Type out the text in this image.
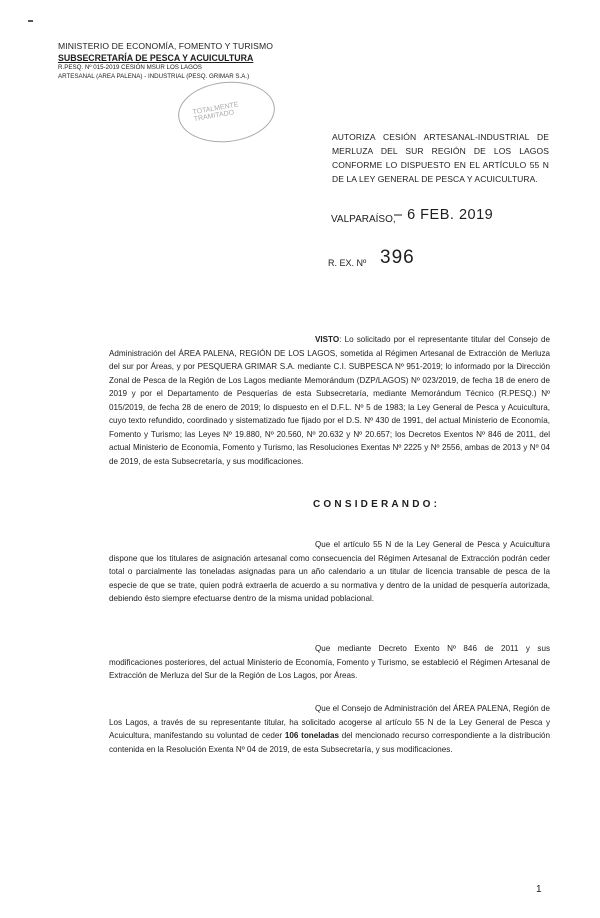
MINISTERIO DE ECONOMÍA, FOMENTO Y TURISMO
SUBSECRETARÍA DE PESCA Y ACUICULTURA
R.PESQ. Nº 015-2019 CESIÓN MSUR LOS LAGOS
ARTESANAL (AREA PALENA) - INDUSTRIAL (PESQ. GRIMAR S.A.)
TOTALMENTE TRAMITADO
AUTORIZA CESIÓN ARTESANAL-INDUSTRIAL DE MERLUZA DEL SUR REGIÓN DE LOS LAGOS CONFORME LO DISPUESTO EN EL ARTÍCULO 55 N DE LA LEY GENERAL DE PESCA Y ACUICULTURA.
VALPARAÍSO,
– 6 FEB. 2019
R. EX. Nº 396

VISTO: Lo solicitado por el representante titular del Consejo de Administración del ÁREA PALENA, REGIÓN DE LOS LAGOS, sometida al Régimen Artesanal de Extracción de Merluza del sur por Áreas, y por PESQUERA GRIMAR S.A. mediante C.I. SUBPESCA Nº 951-2019; lo informado por la Dirección Zonal de Pesca de la Región de Los Lagos mediante Memorándum (DZP/LAGOS) Nº 023/2019, de fecha 18 de enero de 2019 y por el Departamento de Pesquerías de esta Subsecretaría, mediante Memorándum Técnico (R.PESQ.) Nº 015/2019, de fecha 28 de enero de 2019; lo dispuesto en el D.F.L. Nº 5 de 1983; la Ley General de Pesca y Acuicultura, cuyo texto refundido, coordinado y sistematizado fue fijado por el D.S. Nº 430 de 1991, del actual Ministerio de Economía, Fomento y Turismo; las Leyes Nº 19.880, Nº 20.560, Nº 20.632 y Nº 20.657; los Decretos Exentos Nº 846 de 2011, del actual Ministerio de Economía, Fomento y Turismo, las Resoluciones Exentas Nº 2225 y Nº 2556, ambas de 2013 y Nº 04 de 2019, de esta Subsecretaría, y sus modificaciones.

CONSIDERANDO:

Que el artículo 55 N de la Ley General de Pesca y Acuicultura dispone que los titulares de asignación artesanal como consecuencia del Régimen Artesanal de Extracción podrán ceder total o parcialmente las toneladas asignadas para un año calendario a un titular de licencia transable de pesca de la especie de que se trate, quien podrá extraerla de acuerdo a su normativa y dentro de la unidad de pesquería autorizada, debiendo ésto siempre efectuarse dentro de la misma unidad poblacional.

Que mediante Decreto Exento Nº 846 de 2011 y sus modificaciones posteriores, del actual Ministerio de Economía, Fomento y Turismo, se estableció el Régimen Artesanal de Extracción de Merluza del Sur de la Región de Los Lagos, por Áreas.

Que el Consejo de Administración del ÁREA PALENA, Región de Los Lagos, a través de su representante titular, ha solicitado acogerse al artículo 55 N de la Ley General de Pesca y Acuicultura, manifestando su voluntad de ceder 106 toneladas del mencionado recurso correspondiente a la distribución contenida en la Resolución Exenta Nº 04 de 2019, de esta Subsecretaría, y sus modificaciones.

1
